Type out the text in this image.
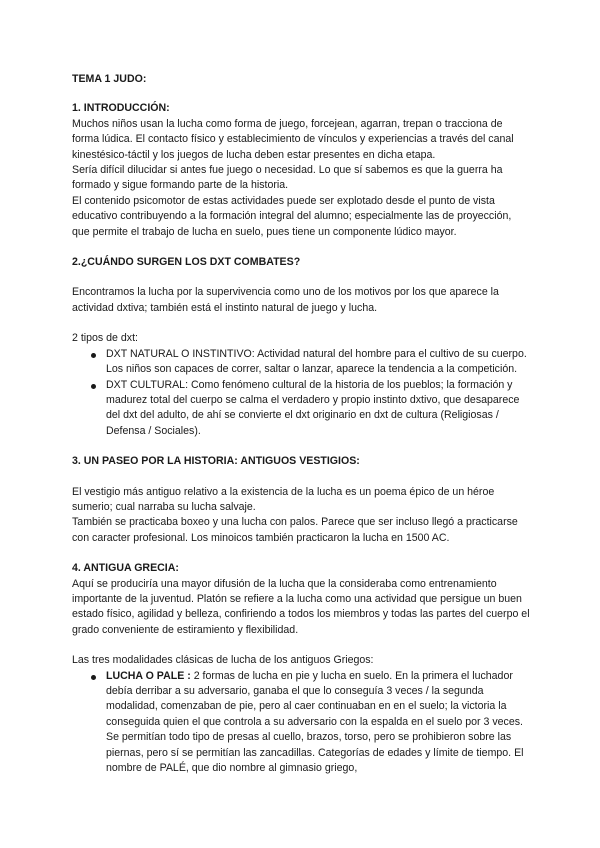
TEMA 1 JUDO:

1. INTRODUCCIÓN:

Muchos niños usan la lucha como forma de juego, forcejean, agarran, trepan o tracciona de forma lúdica. El contacto físico y establecimiento de vínculos y experiencias a través del canal kinestésico-táctil y los juegos de lucha deben estar presentes en dicha etapa.

Sería difícil dilucidar si antes fue juego o necesidad. Lo que sí sabemos es que la guerra ha formado y sigue formando parte de la historia.

El contenido psicomotor de estas actividades puede ser explotado desde el punto de vista educativo contribuyendo a la formación integral del alumno; especialmente las de proyección, que permite el trabajo de lucha en suelo, pues tiene un componente lúdico mayor.

2.¿CUÁNDO SURGEN LOS DXT COMBATES?

Encontramos la lucha por la supervivencia como uno de los motivos por los que aparece la actividad dxtiva; también está el instinto natural de juego y lucha.

2 tipos de dxt:

DXT NATURAL O INSTINTIVO: Actividad natural del hombre para el cultivo de su cuerpo. Los niños son capaces de correr, saltar o lanzar, aparece la tendencia a la competición.
DXT CULTURAL: Como fenómeno cultural de la historia de los pueblos; la formación y madurez total del cuerpo se calma el verdadero y propio instinto dxtivo, que desaparece del dxt del adulto, de ahí se convierte el dxt originario en dxt de cultura (Religiosas / Defensa / Sociales).

3. UN PASEO POR LA HISTORIA: ANTIGUOS VESTIGIOS:

El vestigio más antiguo relativo a la existencia de la lucha es un poema épico de un héroe sumerio; cual narraba su lucha salvaje.

También se practicaba boxeo y una lucha con palos. Parece que ser incluso llegó a practicarse con caracter profesional. Los minoicos también practicaron la lucha en 1500 AC.

4. ANTIGUA GRECIA:

Aquí se produciría una mayor difusión de la lucha que la consideraba como entrenamiento importante de la juventud. Platón se refiere a la lucha como una actividad que persigue un buen estado físico, agilidad y belleza, confiriendo a todos los miembros y todas las partes del cuerpo el grado conveniente de estiramiento y flexibilidad.

Las tres modalidades clásicas de lucha de los antiguos Griegos:

LUCHA O PALE : 2 formas de lucha en pie y lucha en suelo. En la primera el luchador debía derribar a su adversario, ganaba el que lo conseguía 3 veces / la segunda modalidad, comenzaban de pie, pero al caer continuaban en en el suelo; la victoria la conseguida quien el que controla a su adversario con la espalda en el suelo por 3 veces. Se permitían todo tipo de presas al cuello, brazos, torso, pero se prohibieron sobre las piernas, pero sí se permitían las zancadillas. Categorías de edades y límite de tiempo. El nombre de PALÉ, que dio nombre al gimnasio griego,
